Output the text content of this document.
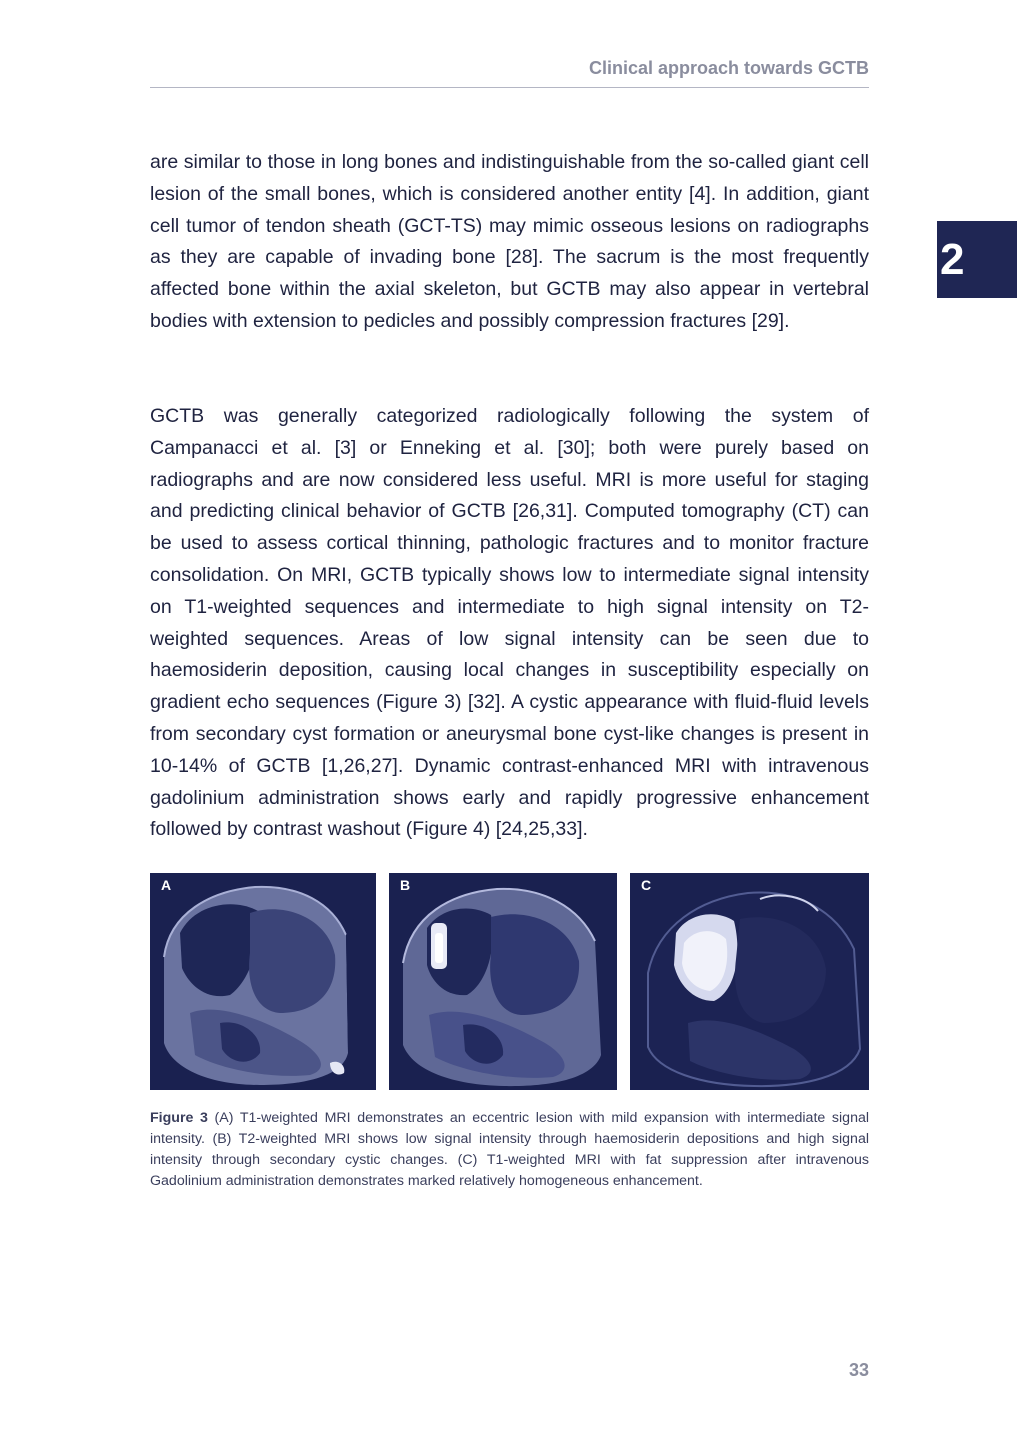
Clinical approach towards GCTB
2

are similar to those in long bones and indistinguishable from the so-called giant cell lesion of the small bones, which is considered another entity [4]. In addition, giant cell tumor of tendon sheath (GCT-TS) may mimic osseous lesions on radiographs as they are capable of invading bone [28]. The sacrum is the most frequently affected bone within the axial skeleton, but GCTB may also appear in vertebral bodies with extension to pedicles and possibly compression fractures [29].

GCTB was generally categorized radiologically following the system of Campanacci et al. [3] or Enneking et al. [30]; both were purely based on radiographs and are now considered less useful. MRI is more useful for staging and predicting clinical behavior of GCTB [26,31]. Computed tomography (CT) can be used to assess cortical thinning, pathologic fractures and to monitor fracture consolidation. On MRI, GCTB typically shows low to intermediate signal intensity on T1-weighted sequences and intermediate to high signal intensity on T2-weighted sequences. Areas of low signal intensity can be seen due to haemosiderin deposition, causing local changes in susceptibility especially on gradient echo sequences (Figure 3) [32]. A cystic appearance with fluid-fluid levels from secondary cyst formation or aneurysmal bone cyst-like changes is present in 10-14% of GCTB [1,26,27]. Dynamic contrast-enhanced MRI with intravenous gadolinium administration shows early and rapidly progressive enhancement followed by contrast washout (Figure 4) [24,25,33].

A	B	C

Figure 3 (A) T1-weighted MRI demonstrates an eccentric lesion with mild expansion with intermediate signal intensity. (B) T2-weighted MRI shows low signal intensity through haemosiderin depositions and high signal intensity through secondary cystic changes. (C) T1-weighted MRI with fat suppression after intravenous Gadolinium administration demonstrates marked relatively homogeneous enhancement.

33
